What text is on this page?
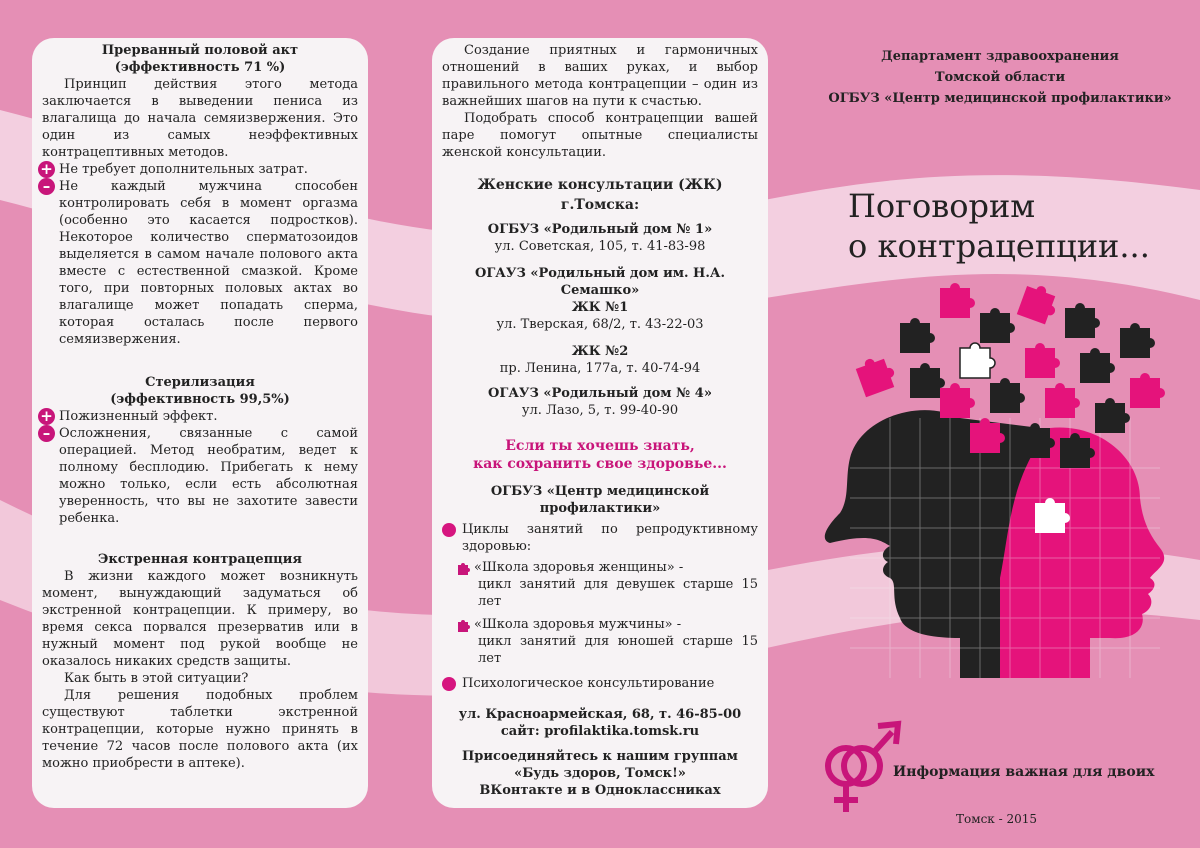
Прерванный половой акт

(эффективность 71 %)

Принцип действия этого метода заключается в выведении пениса из влагалища до начала семяизвержения. Это один из самых неэффективных контрацептивных методов.

+ Не требует дополнительных затрат.
– Не каждый мужчина способен контролировать себя в момент оргазма (особенно это касается подростков). Некоторое количество сперматозоидов выделяется в самом начале полового акта вместе с естественной смазкой. Кроме того, при повторных половых актах во влагалище может попадать сперма, которая осталась после первого семяизвержения.

Стерилизация

(эффективность 99,5%)

+ Пожизненный эффект.
– Осложнения, связанные с самой операцией. Метод необратим, ведет к полному бесплодию. Прибегать к нему можно только, если есть абсолютная уверенность, что вы не захотите завести ребенка.

Экстренная контрацепция

В жизни каждого может возникнуть момент, вынуждающий задуматься об экстренной контрацепции. К примеру, во время секса порвался презерватив или в нужный момент под рукой вообще не оказалось никаких средств защиты.

Как быть в этой ситуации?

Для решения подобных проблем существуют таблетки экстренной контрацепции, которые нужно принять в течение 72 часов после полового акта (их можно приобрести в аптеке).

Создание приятных и гармоничных отношений в ваших руках, и выбор правильного метода контрацепции – один из важнейших шагов на пути к счастью.

Подобрать способ контрацепции вашей паре помогут опытные специалисты женской консультации.

Женские консультации (ЖК)

г.Томска:

ОГБУЗ «Родильный дом № 1»

ул. Советская, 105, т. 41-83-98

ОГАУЗ «Родильный дом им. Н.А. Семашко»

ЖК №1

ул. Тверская, 68/2, т. 43-22-03

ЖК №2

пр. Ленина, 177а, т. 40-74-94

ОГАУЗ «Родильный дом № 4»

ул. Лазо, 5, т. 99-40-90

Если ты хочешь знать,

как сохранить свое здоровье...

ОГБУЗ «Центр медицинской профилактики»

Циклы занятий по репродуктивному здоровью:
«Школа здоровья женщины» -

цикл занятий для девушек старше 15 лет

«Школа здоровья мужчины» -

цикл занятий для юношей старше 15 лет

Психологическое консультирование

ул. Красноармейская, 68, т. 46-85-00

сайт: profilaktika.tomsk.ru

Присоединяйтесь к нашим группам

«Будь здоров, Томск!»

ВКонтакте и в Одноклассниках

Департамент здравоохранения
Томской области
ОГБУЗ «Центр медицинской профилактики»
Поговорим
о контрацепции...
Информация важная для двоих
Томск - 2015
